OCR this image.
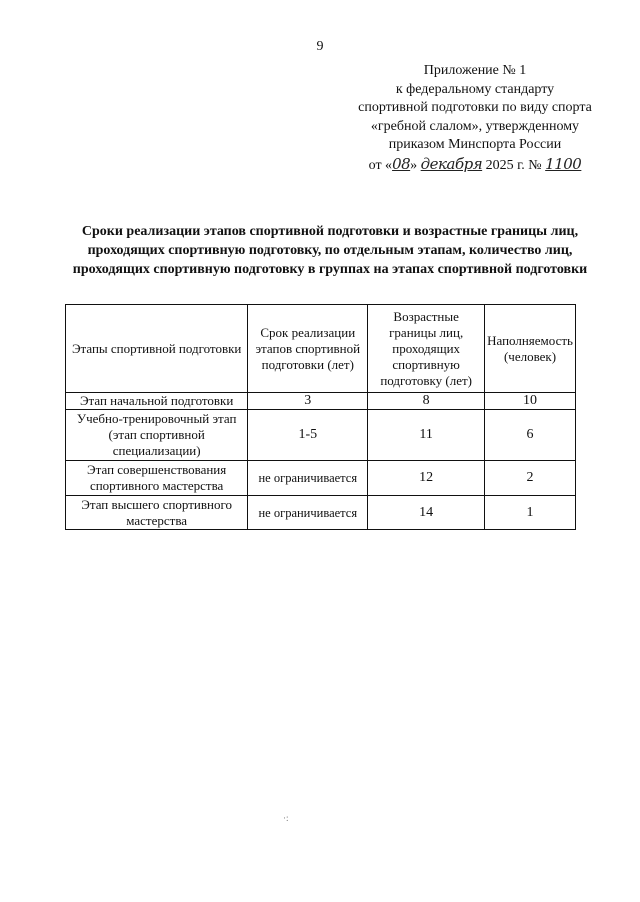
9
Приложение № 1
к федеральному стандарту
спортивной подготовки по виду спорта
«гребной слалом», утвержденному
приказом Минспорта России
от «08» декабря 2025 г. № 1100
Сроки реализации этапов спортивной подготовки и возрастные границы лиц, проходящих спортивную подготовку, по отдельным этапам, количество лиц, проходящих спортивную подготовку в группах на этапах спортивной подготовки
Этапы спортивной подготовки	Срок реализации этапов спортивной подготовки (лет)	Возрастные границы лиц, проходящих спортивную подготовку (лет)	Наполняемость (человек)
Этап начальной подготовки	3	8	10
Учебно-тренировочный этап (этап спортивной специализации)	1-5	11	6
Этап совершенствования спортивного мастерства	не ограничивается	12	2
Этап высшего спортивного мастерства	не ограничивается	14	1
·:
